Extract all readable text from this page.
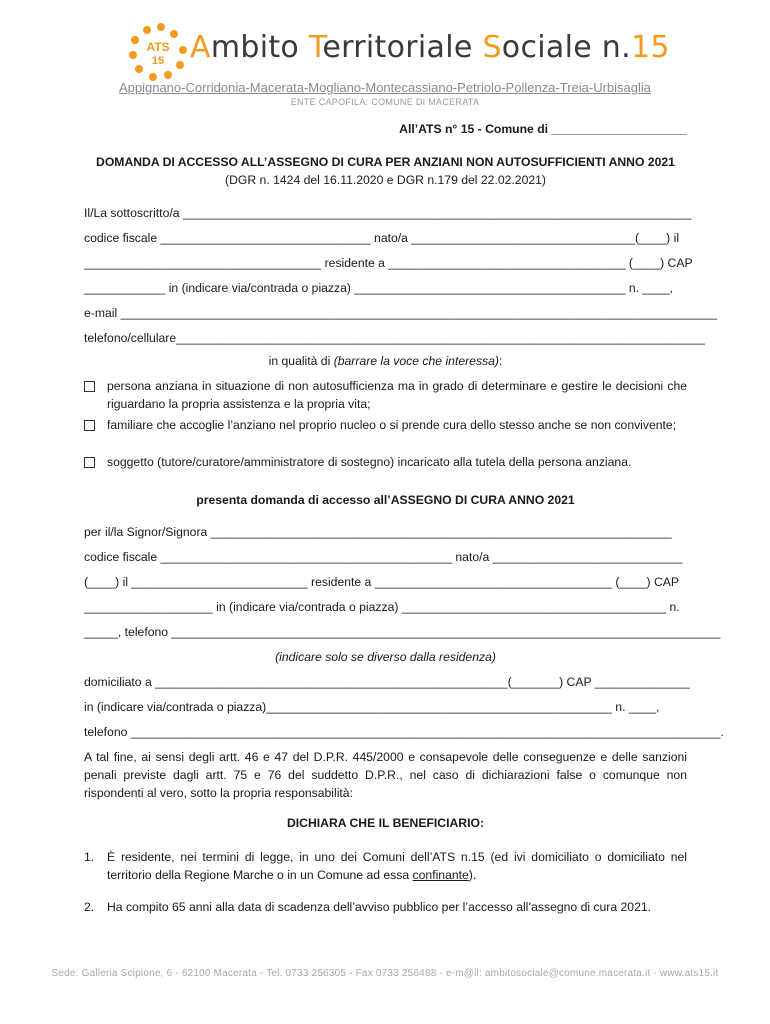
ATS
15 Ambito Territoriale Sociale n.15
Appignano-Corridonia-Macerata-Mogliano-Montecassiano-Petriolo-Pollenza-Treia-Urbisaglia
ENTE CAPOFILA: COMUNE DI MACERATA
All’ATS n° 15 - Comune di ____________________
DOMANDA DI ACCESSO ALL’ASSEGNO DI CURA PER ANZIANI NON AUTOSUFFICIENTI ANNO 2021
(DGR n. 1424 del 16.11.2020 e DGR n.179 del 22.02.2021)
Il/La sottoscritto/a ___________________________________________________________________________
codice fiscale _______________________________ nato/a _________________________________(____) il
___________________________________ residente a ___________________________________ (____) CAP
____________ in (indicare via/contrada o piazza) ________________________________________ n. ____,
e-mail ________________________________________________________________________________________
telefono/cellulare______________________________________________________________________________
in qualità di (barrare la voce che interessa):
persona anziana in situazione di non autosufficienza ma in grado di determinare e gestire le decisioni che riguardano la propria assistenza e la propria vita;
familiare che accoglie l’anziano nel proprio nucleo o si prende cura dello stesso anche se non convivente;
soggetto (tutore/curatore/amministratore di sostegno) incaricato alla tutela della persona anziana.
presenta domanda di accesso all’ASSEGNO DI CURA ANNO 2021
per il/la Signor/Signora ____________________________________________________________________
codice fiscale ___________________________________________ nato/a ____________________________
(____) il __________________________ residente a ___________________________________ (____) CAP
___________________ in (indicare via/contrada o piazza) _______________________________________ n.
_____, telefono _________________________________________________________________________________
(indicare solo se diverso dalla residenza)
domiciliato a ____________________________________________________(_______) CAP ______________
in (indicare via/contrada o piazza)___________________________________________________ n. ____,
telefono _______________________________________________________________________________________.
A tal fine, ai sensi degli artt. 46 e 47 del D.P.R. 445/2000 e consapevole delle conseguenze e delle sanzioni penali previste dagli artt. 75 e 76 del suddetto D.P.R., nel caso di dichiarazioni false o comunque non rispondenti al vero, sotto la propria responsabilità:
DICHIARA CHE IL BENEFICIARIO:
1. È residente, nei termini di legge, in uno dei Comuni dell’ATS n.15 (ed ivi domiciliato o domiciliato nel territorio della Regione Marche o in un Comune ad essa confinante).
2. Ha compito 65 anni alla data di scadenza dell’avviso pubblico per l’accesso all’assegno di cura 2021.
Sede: Galleria Scipione, 6 - 62100 Macerata - Tel. 0733 256305 - Fax 0733 256488 - e-m@il: ambitosociale@comune.macerata.it - www.ats15.it
